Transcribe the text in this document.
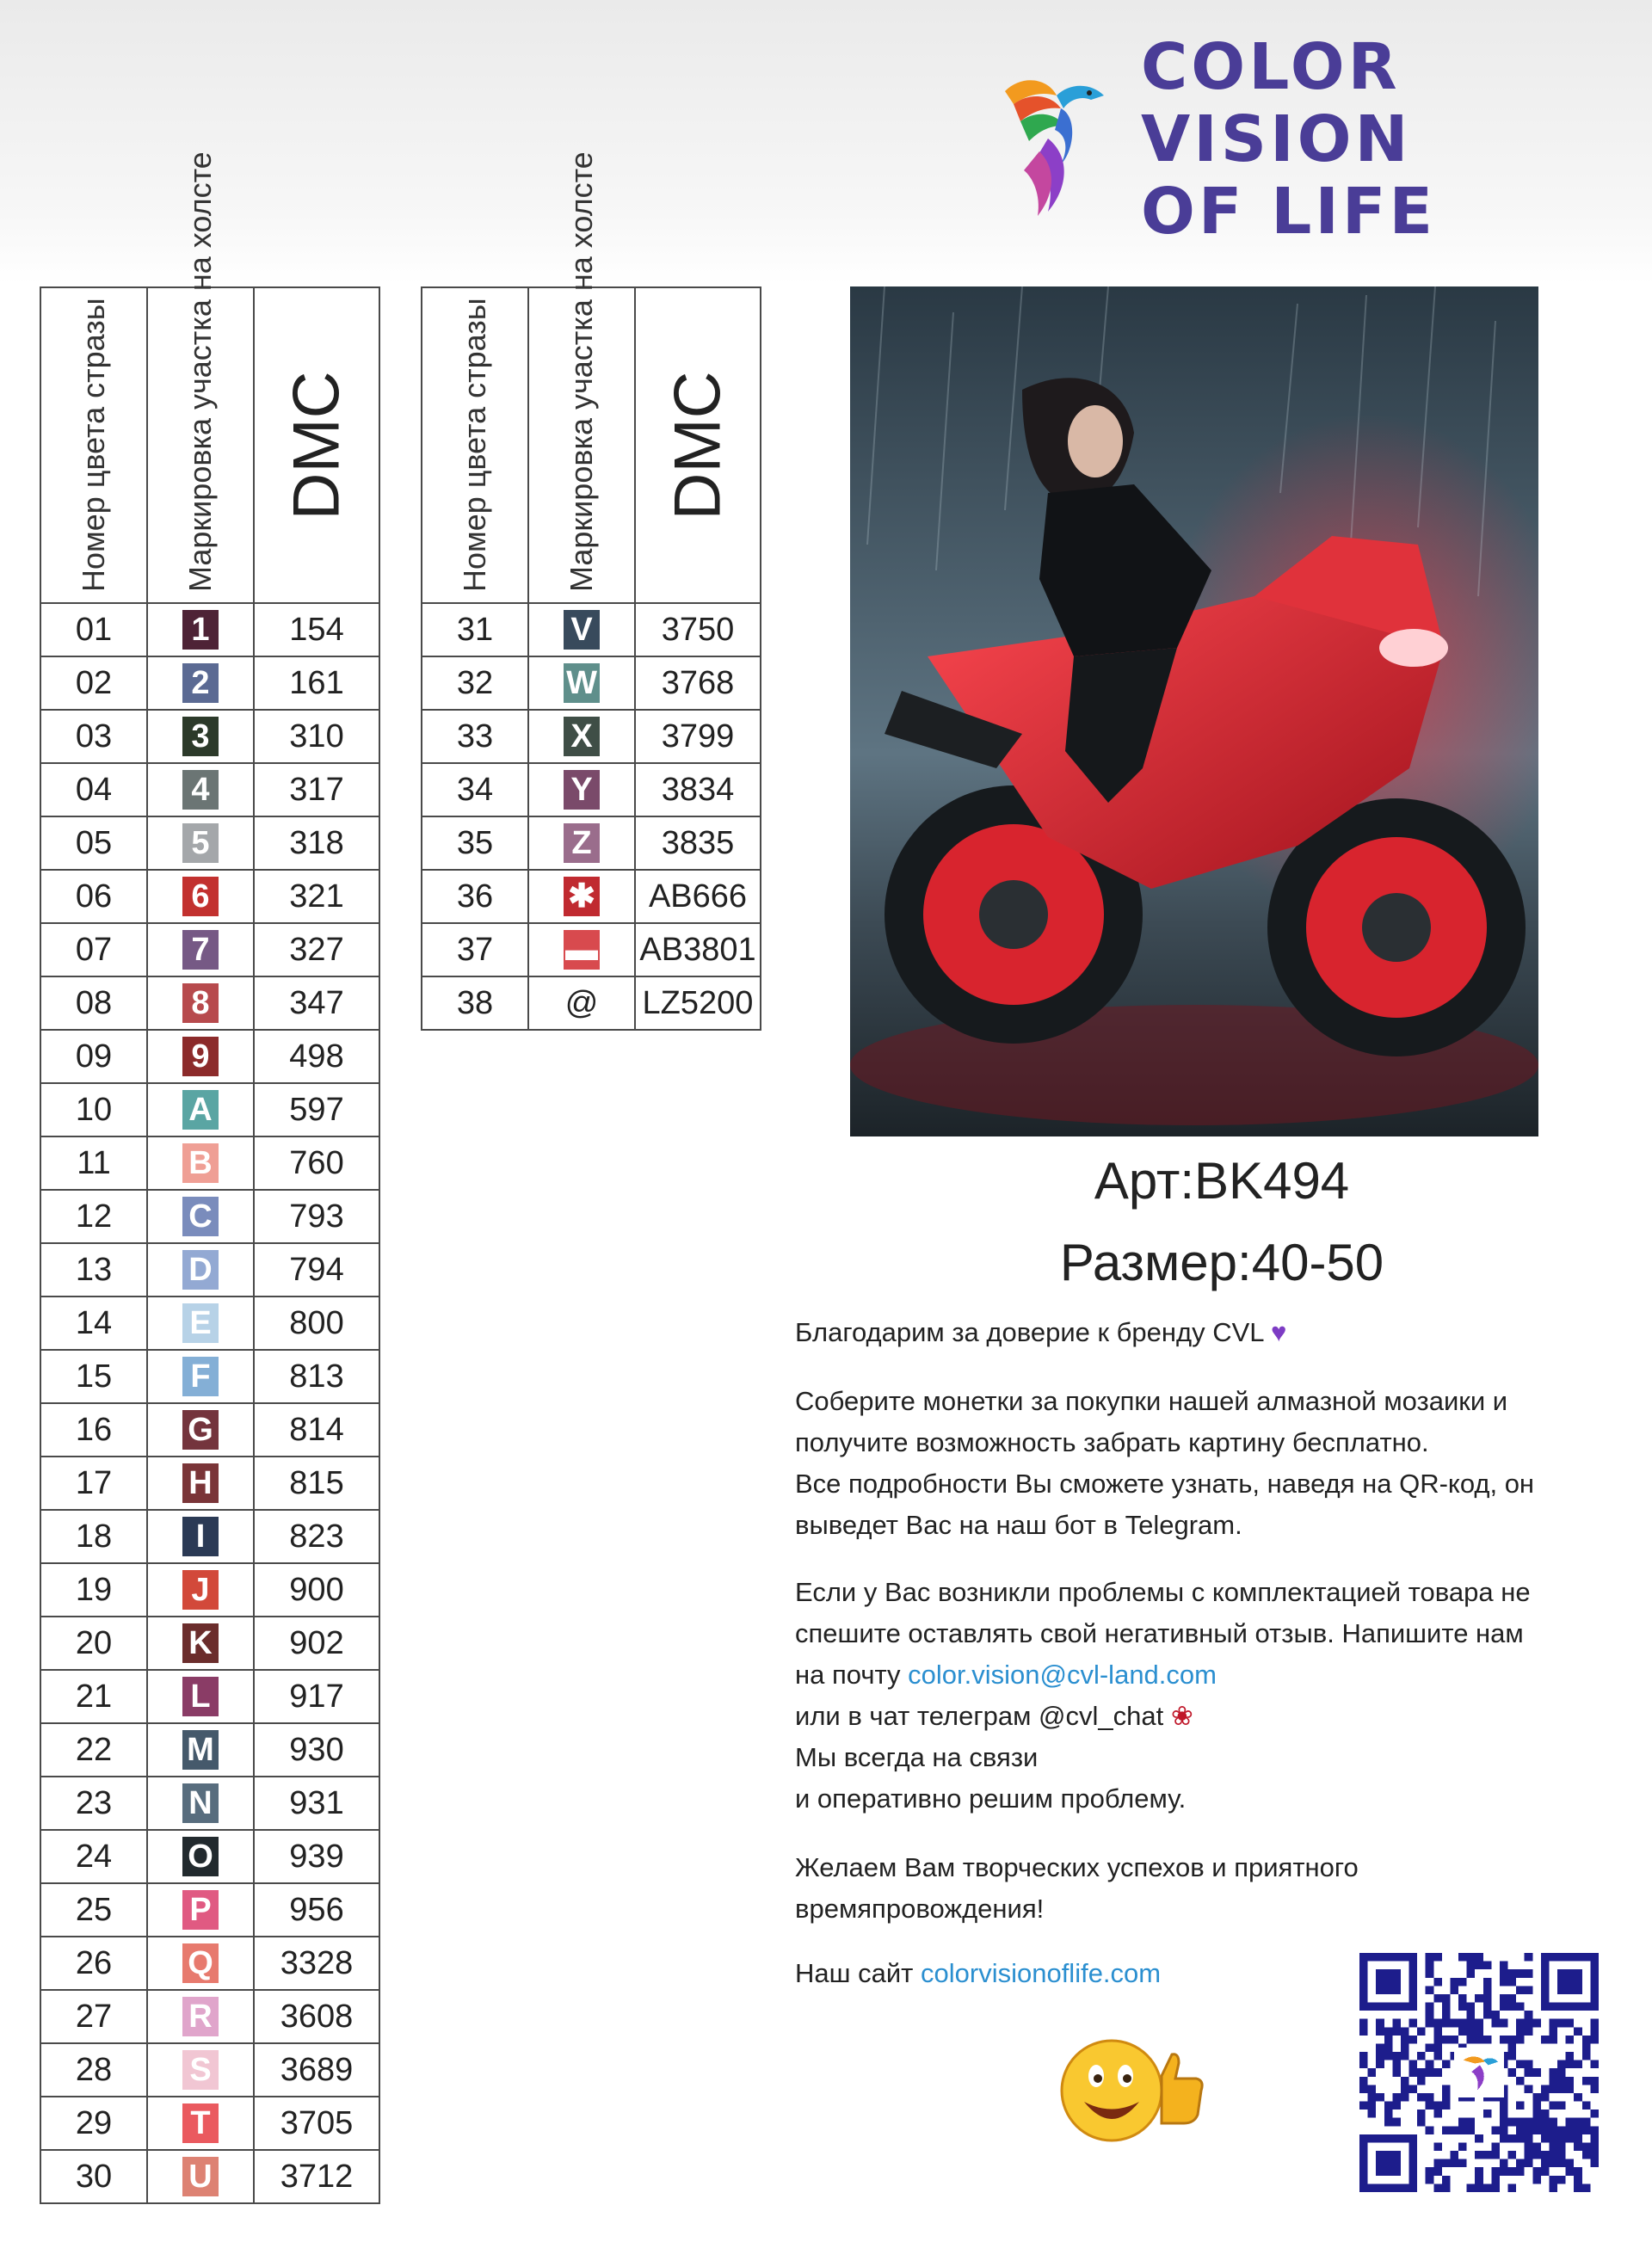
COLOR
VISION
OF LIFE
Номер цвета стразы	Маркировка участка на холсте	DMC

01	1	154
02	2	161
03	3	310
04	4	317
05	5	318
06	6	321
07	7	327
08	8	347
09	9	498
10	A	597
11	B	760
12	C	793
13	D	794
14	E	800
15	F	813
16	G	814
17	H	815
18	I	823
19	J	900
20	K	902
21	L	917
22	M	930
23	N	931
24	O	939
25	P	956
26	Q	3328
27	R	3608
28	S	3689
29	T	3705
30	U	3712
Номер цвета стразы	Маркировка участка на холсте	DMC

31	V	3750
32	W	3768
33	X	3799
34	Y	3834
35	Z	3835
36	✱	AB666
37	▬	AB3801
38	@	LZ5200
Арт:BK494
Размер:40-50

Благодарим за доверие к бренду CVL ♥

Соберите монетки за покупки нашей алмазной мозаики и

получите возможность забрать картину бесплатно.

Все подробности Вы сможете узнать, наведя на QR-код, он

выведет Вас на наш бот в Telegram.

Если у Вас возникли проблемы с комплектацией товара не

спешите оставлять свой негативный отзыв. Напишите нам

на почту color.vision@cvl-land.com

или в чат телеграм @cvl_chat ❀

Мы всегда на связи

и оперативно решим проблему.

Желаем Вам творческих успехов и приятного

времяпровождения!

Наш сайт colorvisionoflife.com
